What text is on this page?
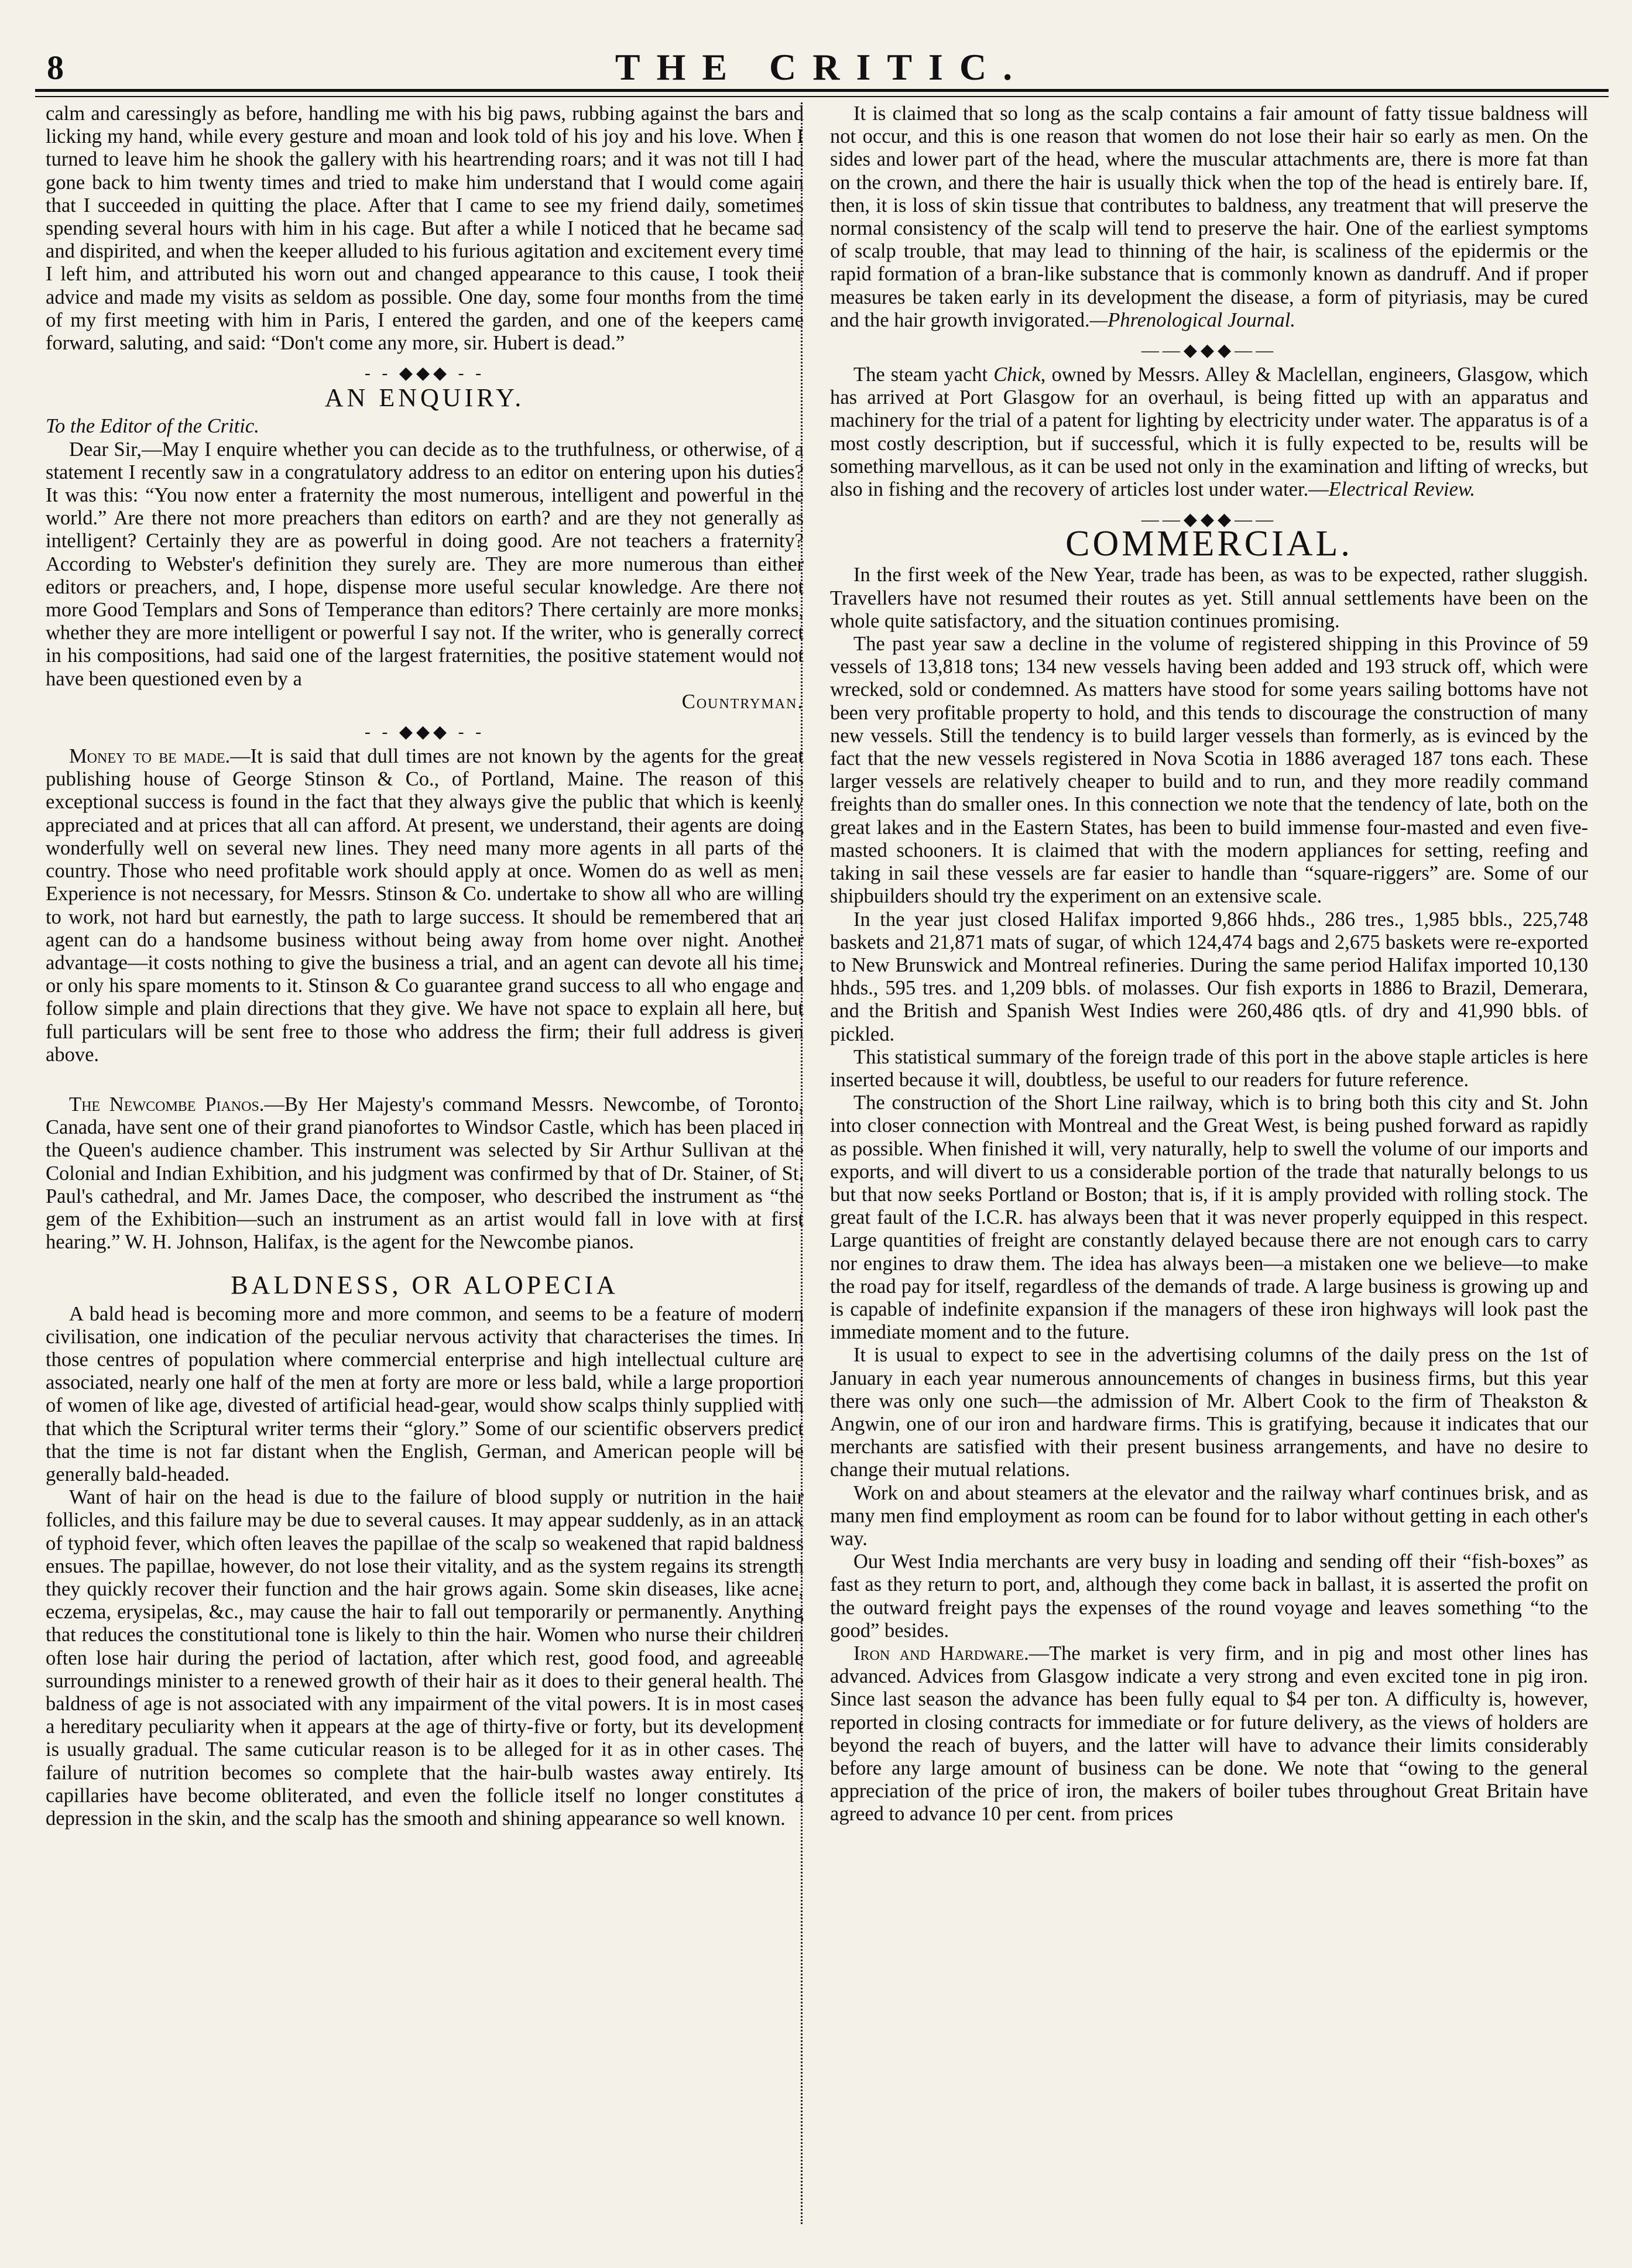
8	THE CRITIC.

calm and caressingly as before, handling me with his big paws, rubbing against the bars and licking my hand, while every gesture and moan and look told of his joy and his love. When I turned to leave him he shook the gallery with his heartrending roars; and it was not till I had gone back to him twenty times and tried to make him understand that I would come again that I succeeded in quitting the place. After that I came to see my friend daily, sometimes spending several hours with him in his cage. But after a while I noticed that he became sad and dispirited, and when the keeper alluded to his furious agitation and excitement every time I left him, and attributed his worn out and changed appearance to this cause, I took their advice and made my visits as seldom as possible. One day, some four months from the time of my first meeting with him in Paris, I entered the garden, and one of the keepers came forward, saluting, and said: “Don't come any more, sir. Hubert is dead.”

- - ◆◆◆ - -
AN ENQUIRY.

To the Editor of the Critic.

Dear Sir,—May I enquire whether you can decide as to the truthfulness, or otherwise, of a statement I recently saw in a congratulatory address to an editor on entering upon his duties? It was this: “You now enter a fraternity the most numerous, intelligent and powerful in the world.” Are there not more preachers than editors on earth? and are they not generally as intelligent? Certainly they are as powerful in doing good. Are not teachers a fraternity? According to Webster's definition they surely are. They are more numerous than either editors or preachers, and, I hope, dispense more useful secular knowledge. Are there not more Good Templars and Sons of Temperance than editors? There certainly are more monks, whether they are more intelligent or powerful I say not. If the writer, who is generally correct in his compositions, had said one of the largest fraternities, the positive statement would not have been questioned even by a

Countryman.

- - ◆◆◆ - -

Money to be made.—It is said that dull times are not known by the agents for the great publishing house of George Stinson & Co., of Portland, Maine. The reason of this exceptional success is found in the fact that they always give the public that which is keenly appreciated and at prices that all can afford. At present, we understand, their agents are doing wonderfully well on several new lines. They need many more agents in all parts of the country. Those who need profitable work should apply at once. Women do as well as men. Experience is not necessary, for Messrs. Stinson & Co. undertake to show all who are willing to work, not hard but earnestly, the path to large success. It should be remembered that an agent can do a handsome business without being away from home over night. Another advantage—it costs nothing to give the business a trial, and an agent can devote all his time, or only his spare moments to it. Stinson & Co guarantee grand success to all who engage and follow simple and plain directions that they give. We have not space to explain all here, but full particulars will be sent free to those who address the firm; their full address is given above.

The Newcombe Pianos.—By Her Majesty's command Messrs. Newcombe, of Toronto, Canada, have sent one of their grand pianofortes to Windsor Castle, which has been placed in the Queen's audience chamber. This instrument was selected by Sir Arthur Sullivan at the Colonial and Indian Exhibition, and his judgment was confirmed by that of Dr. Stainer, of St. Paul's cathedral, and Mr. James Dace, the composer, who described the instrument as “the gem of the Exhibition—such an instrument as an artist would fall in love with at first hearing.” W. H. Johnson, Halifax, is the agent for the Newcombe pianos.

BALDNESS, OR ALOPECIA

A bald head is becoming more and more common, and seems to be a feature of modern civilisation, one indication of the peculiar nervous activity that characterises the times. In those centres of population where commercial enterprise and high intellectual culture are associated, nearly one half of the men at forty are more or less bald, while a large proportion of women of like age, divested of artificial head-gear, would show scalps thinly supplied with that which the Scriptural writer terms their “glory.” Some of our scientific observers predict that the time is not far distant when the English, German, and American people will be generally bald-headed.

Want of hair on the head is due to the failure of blood supply or nutrition in the hair follicles, and this failure may be due to several causes. It may appear suddenly, as in an attack of typhoid fever, which often leaves the papillae of the scalp so weakened that rapid baldness ensues. The papillae, however, do not lose their vitality, and as the system regains its strength they quickly recover their function and the hair grows again. Some skin diseases, like acne, eczema, erysipelas, &c., may cause the hair to fall out temporarily or permanently. Anything that reduces the constitutional tone is likely to thin the hair. Women who nurse their children often lose hair during the period of lactation, after which rest, good food, and agreeable surroundings minister to a renewed growth of their hair as it does to their general health. The baldness of age is not associated with any impairment of the vital powers. It is in most cases a hereditary peculiarity when it appears at the age of thirty-five or forty, but its development is usually gradual. The same cuticular reason is to be alleged for it as in other cases. The failure of nutrition becomes so complete that the hair-bulb wastes away entirely. Its capillaries have become obliterated, and even the follicle itself no longer constitutes a depression in the skin, and the scalp has the smooth and shining appearance so well known.

It is claimed that so long as the scalp contains a fair amount of fatty tissue baldness will not occur, and this is one reason that women do not lose their hair so early as men. On the sides and lower part of the head, where the muscular attachments are, there is more fat than on the crown, and there the hair is usually thick when the top of the head is entirely bare. If, then, it is loss of skin tissue that contributes to baldness, any treatment that will preserve the normal consistency of the scalp will tend to preserve the hair. One of the earliest symptoms of scalp trouble, that may lead to thinning of the hair, is scaliness of the epidermis or the rapid formation of a bran-like substance that is commonly known as dandruff. And if proper measures be taken early in its development the disease, a form of pityriasis, may be cured and the hair growth invigorated.—Phrenological Journal.

——◆◆◆——

The steam yacht Chick, owned by Messrs. Alley & Maclellan, engineers, Glasgow, which has arrived at Port Glasgow for an overhaul, is being fitted up with an apparatus and machinery for the trial of a patent for lighting by electricity under water. The apparatus is of a most costly description, but if successful, which it is fully expected to be, results will be something marvellous, as it can be used not only in the examination and lifting of wrecks, but also in fishing and the recovery of articles lost under water.—Electrical Review.

——◆◆◆——
COMMERCIAL.

In the first week of the New Year, trade has been, as was to be expected, rather sluggish. Travellers have not resumed their routes as yet. Still annual settlements have been on the whole quite satisfactory, and the situation continues promising.

The past year saw a decline in the volume of registered shipping in this Province of 59 vessels of 13,818 tons; 134 new vessels having been added and 193 struck off, which were wrecked, sold or condemned. As matters have stood for some years sailing bottoms have not been very profitable property to hold, and this tends to discourage the construction of many new vessels. Still the tendency is to build larger vessels than formerly, as is evinced by the fact that the new vessels registered in Nova Scotia in 1886 averaged 187 tons each. These larger vessels are relatively cheaper to build and to run, and they more readily command freights than do smaller ones. In this connection we note that the tendency of late, both on the great lakes and in the Eastern States, has been to build immense four-masted and even five-masted schooners. It is claimed that with the modern appliances for setting, reefing and taking in sail these vessels are far easier to handle than “square-riggers” are. Some of our shipbuilders should try the experiment on an extensive scale.

In the year just closed Halifax imported 9,866 hhds., 286 tres., 1,985 bbls., 225,748 baskets and 21,871 mats of sugar, of which 124,474 bags and 2,675 baskets were re-exported to New Brunswick and Montreal refineries. During the same period Halifax imported 10,130 hhds., 595 tres. and 1,209 bbls. of molasses. Our fish exports in 1886 to Brazil, Demerara, and the British and Spanish West Indies were 260,486 qtls. of dry and 41,990 bbls. of pickled.

This statistical summary of the foreign trade of this port in the above staple articles is here inserted because it will, doubtless, be useful to our readers for future reference.

The construction of the Short Line railway, which is to bring both this city and St. John into closer connection with Montreal and the Great West, is being pushed forward as rapidly as possible. When finished it will, very naturally, help to swell the volume of our imports and exports, and will divert to us a considerable portion of the trade that naturally belongs to us but that now seeks Portland or Boston; that is, if it is amply provided with rolling stock. The great fault of the I.C.R. has always been that it was never properly equipped in this respect. Large quantities of freight are constantly delayed because there are not enough cars to carry nor engines to draw them. The idea has always been—a mistaken one we believe—to make the road pay for itself, regardless of the demands of trade. A large business is growing up and is capable of indefinite expansion if the managers of these iron highways will look past the immediate moment and to the future.

It is usual to expect to see in the advertising columns of the daily press on the 1st of January in each year numerous announcements of changes in business firms, but this year there was only one such—the admission of Mr. Albert Cook to the firm of Theakston & Angwin, one of our iron and hardware firms. This is gratifying, because it indicates that our merchants are satisfied with their present business arrangements, and have no desire to change their mutual relations.

Work on and about steamers at the elevator and the railway wharf continues brisk, and as many men find employment as room can be found for to labor without getting in each other's way.

Our West India merchants are very busy in loading and sending off their “fish-boxes” as fast as they return to port, and, although they come back in ballast, it is asserted the profit on the outward freight pays the expenses of the round voyage and leaves something “to the good” besides.

Iron and Hardware.—The market is very firm, and in pig and most other lines has advanced. Advices from Glasgow indicate a very strong and even excited tone in pig iron. Since last season the advance has been fully equal to $4 per ton. A difficulty is, however, reported in closing contracts for immediate or for future delivery, as the views of holders are beyond the reach of buyers, and the latter will have to advance their limits considerably before any large amount of business can be done. We note that “owing to the general appreciation of the price of iron, the makers of boiler tubes throughout Great Britain have agreed to advance 10 per cent. from prices
